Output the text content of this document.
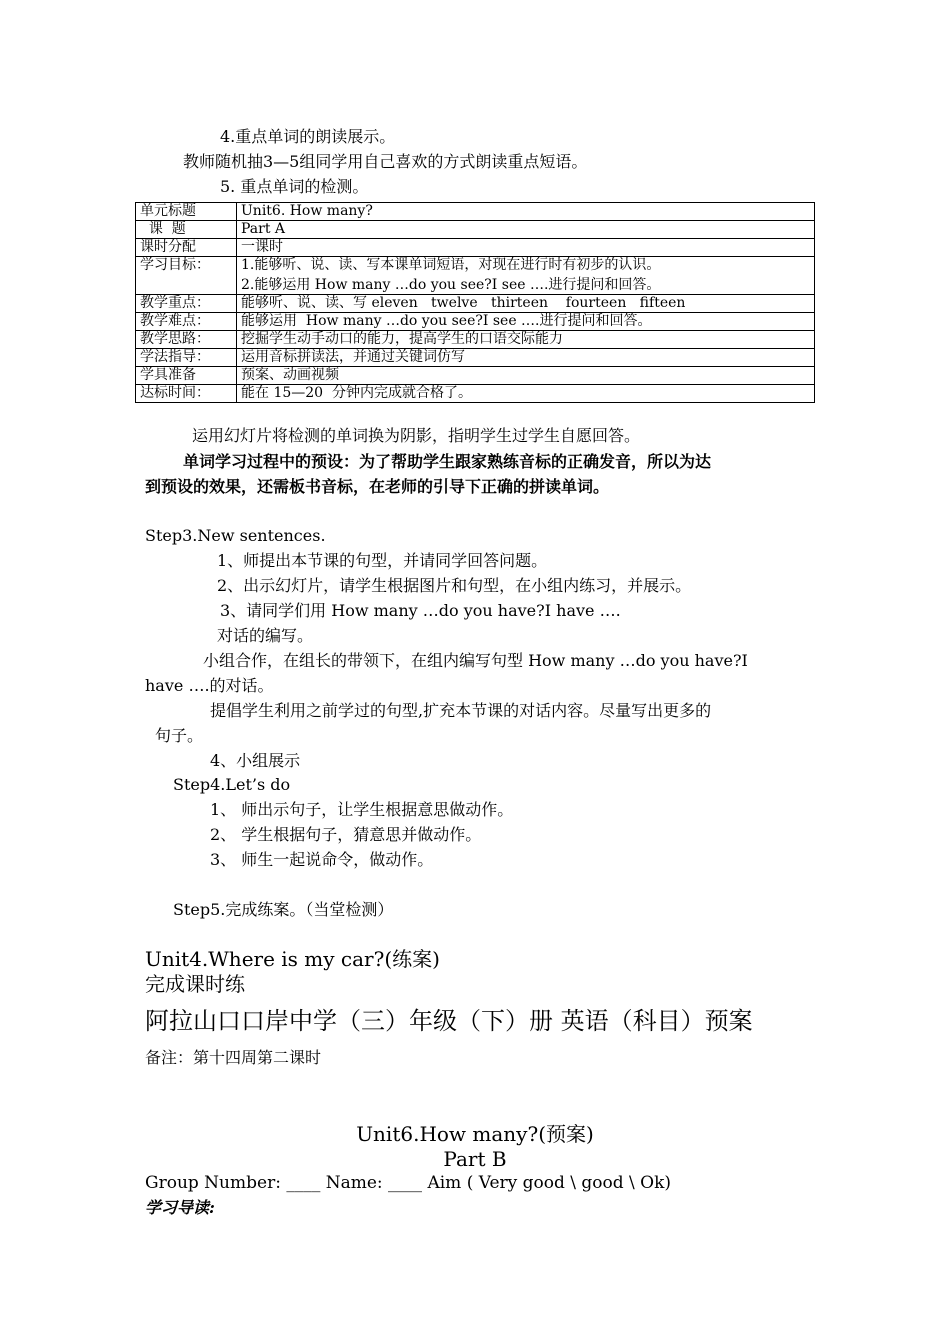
4.重点单词的朗读展示。
教师随机抽3—5组同学用自己喜欢的方式朗读重点短语。
5. 重点单词的检测。
单元标题	Unit6. How many?
课  题	Part A
课时分配	一课时
学习目标：	1.能够听、说、读、写本课单词短语，对现在进行时有初步的认识。
2.能够运用 How many …do you see?I see ….进行提问和回答。

教学重点：	能够听、说、读、写 eleven   twelve   thirteen    fourteen   fifteen
教学难点：	能够运用  How many …do you see?I see ….进行提问和回答。
教学思路：	挖掘学生动手动口的能力，提高学生的口语交际能力
学法指导：	运用音标拼读法，并通过关键词仿写
学具准备	预案、动画视频
达标时间：	能在 15—20  分钟内完成就合格了。
运用幻灯片将检测的单词换为阴影，指明学生过学生自愿回答。
单词学习过程中的预设：为了帮助学生跟家熟练音标的正确发音，所以为达
到预设的效果，还需板书音标，在老师的引导下正确的拼读单词。
Step3.New sentences.
1、师提出本节课的句型，并请同学回答问题。
2、出示幻灯片，请学生根据图片和句型，在小组内练习，并展示。
3、请同学们用 How many …do you have?I have ….
对话的编写。
小组合作，在组长的带领下，在组内编写句型 How many …do you have?I
have ….的对话。
提倡学生利用之前学过的句型,扩充本节课的对话内容。尽量写出更多的
句子。
4、小组展示
Step4.Let’s do
1、 师出示句子，让学生根据意思做动作。
2、 学生根据句子，猜意思并做动作。
3、 师生一起说命令，做动作。
Step5.完成练案。（当堂检测）
Unit4.Where is my car?(练案)
完成课时练
阿拉山口口岸中学（三）年级（下）册 英语（科目）预案
备注：第十四周第二课时
Unit6.How many?(预案)
Part B
Group Number: ____ Name: ____ Aim ( Very good \ good \ Ok)
学习导读:
